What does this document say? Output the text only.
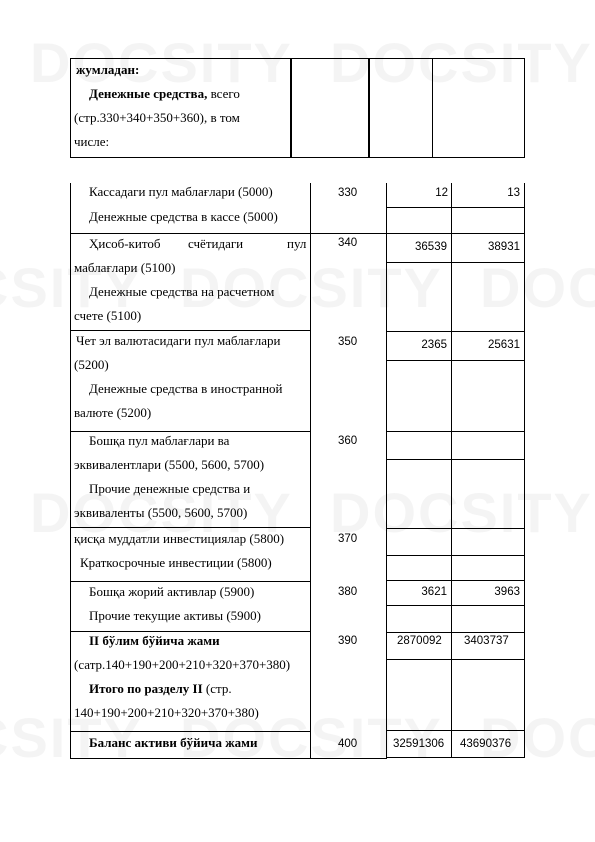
жумладан:
Денежные средства, всего
(стр.330+340+350+360), в том
числе:
Кассадаги пул маблағлари (5000)
Денежные средства в кассе (5000)
330	12	13
Ҳисоб-китоб счётидаги	пул
маблағлари (5100)
Денежные средства на расчетном
счете (5100)
340	36539	38931
Чет эл валютасидаги пул маблағлари
(5200)
Денежные средства в иностранной
валюте (5200)
350	2365	25631
Бошқа пул маблағлари ва
эквивалентлари (5500, 5600, 5700)
Прочие денежные средства и
эквиваленты (5500, 5600, 5700)
360
қисқа муддатли инвестициялар (5800)
Краткосрочные инвестиции (5800)
370
Бошқа жорий активлар (5900)
Прочие текущие активы (5900)
380	3621	3963
II бўлим бўйича жами
(сатр.140+190+200+210+320+370+380)
Итого по разделу II (стр.
140+190+200+210+320+370+380)
390	2870092 3403737
Баланс активи бўйича жами	400	32591306 43690376
